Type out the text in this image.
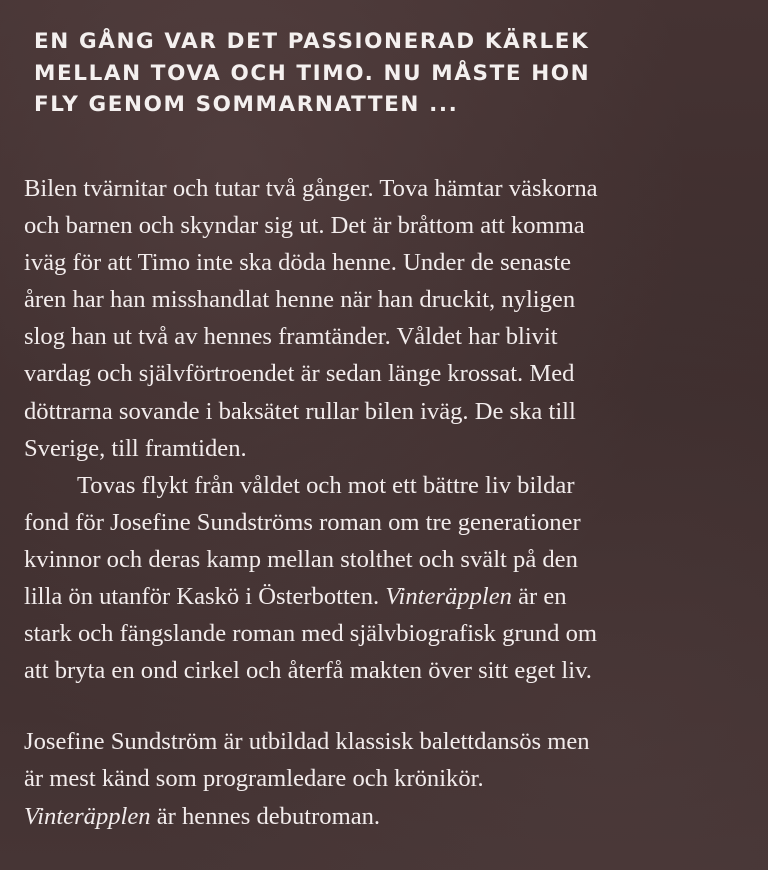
EN GÅNG VAR DET PASSIONERAD KÄRLEK
MELLAN TOVA OCH TIMO. NU MÅSTE HON
FLY GENOM SOMMARNATTEN ...

Bilen tvärnitar och tutar två gånger. Tova hämtar väskorna
och barnen och skyndar sig ut. Det är bråttom att komma
iväg för att Timo inte ska döda henne. Under de senaste
åren har han misshandlat henne när han druckit, nyligen
slog han ut två av hennes framtänder. Våldet har blivit
vardag och självförtroendet är sedan länge krossat. Med
döttrarna sovande i baksätet rullar bilen iväg. De ska till
Sverige, till framtiden.

Tovas flykt från våldet och mot ett bättre liv bildar
fond för Josefine Sundströms roman om tre generationer
kvinnor och deras kamp mellan stolthet och svält på den
lilla ön utanför Kaskö i Österbotten. Vinteräpplen är en
stark och fängslande roman med självbiografisk grund om
att bryta en ond cirkel och återfå makten över sitt eget liv.

Josefine Sundström är utbildad klassisk balettdansös men
är mest känd som programledare och krönikör.
Vinteräpplen är hennes debutroman.
